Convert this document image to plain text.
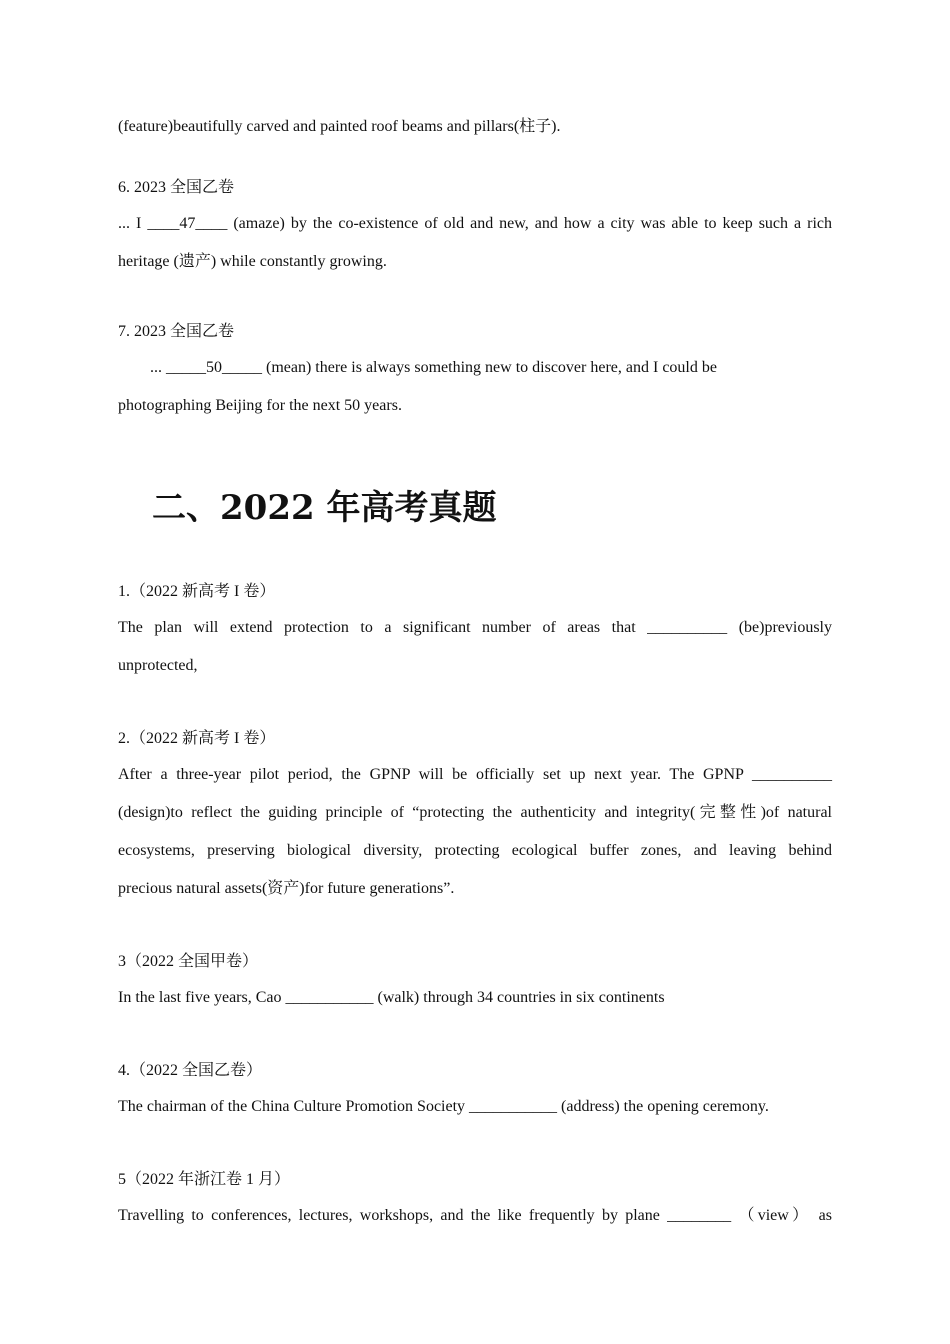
(feature)beautifully carved and painted roof beams and pillars(柱子).
6. 2023 全国乙卷
... I ____47____ (amaze) by the co-existence of old and new, and how a city was able to keep such a rich
heritage (遗产) while constantly growing.
7. 2023 全国乙卷
... _____50_____ (mean) there is always something new to discover here, and I could be
photographing Beijing for the next 50 years.
二、2022 年高考真题
1.（2022 新高考 I 卷）
The plan will extend protection to a significant number of areas that __________ (be)previously
unprotected,
2.（2022 新高考 I 卷）
After a three-year pilot period, the GPNP will be officially set up next year. The GPNP __________
(design)to reflect the guiding principle of “protecting the authenticity and integrity(完整性)of natural
ecosystems, preserving biological diversity, protecting ecological buffer zones, and leaving behind
precious natural assets(资产)for future generations”.
3（2022 全国甲卷）
In the last five years, Cao ___________ (walk) through 34 countries in six continents
4.（2022 全国乙卷）
The chairman of the China Culture Promotion Society ___________ (address) the opening ceremony.
5（2022 年浙江卷 1 月）
Travelling to conferences, lectures, workshops, and the like frequently by plane ________ （view） as
